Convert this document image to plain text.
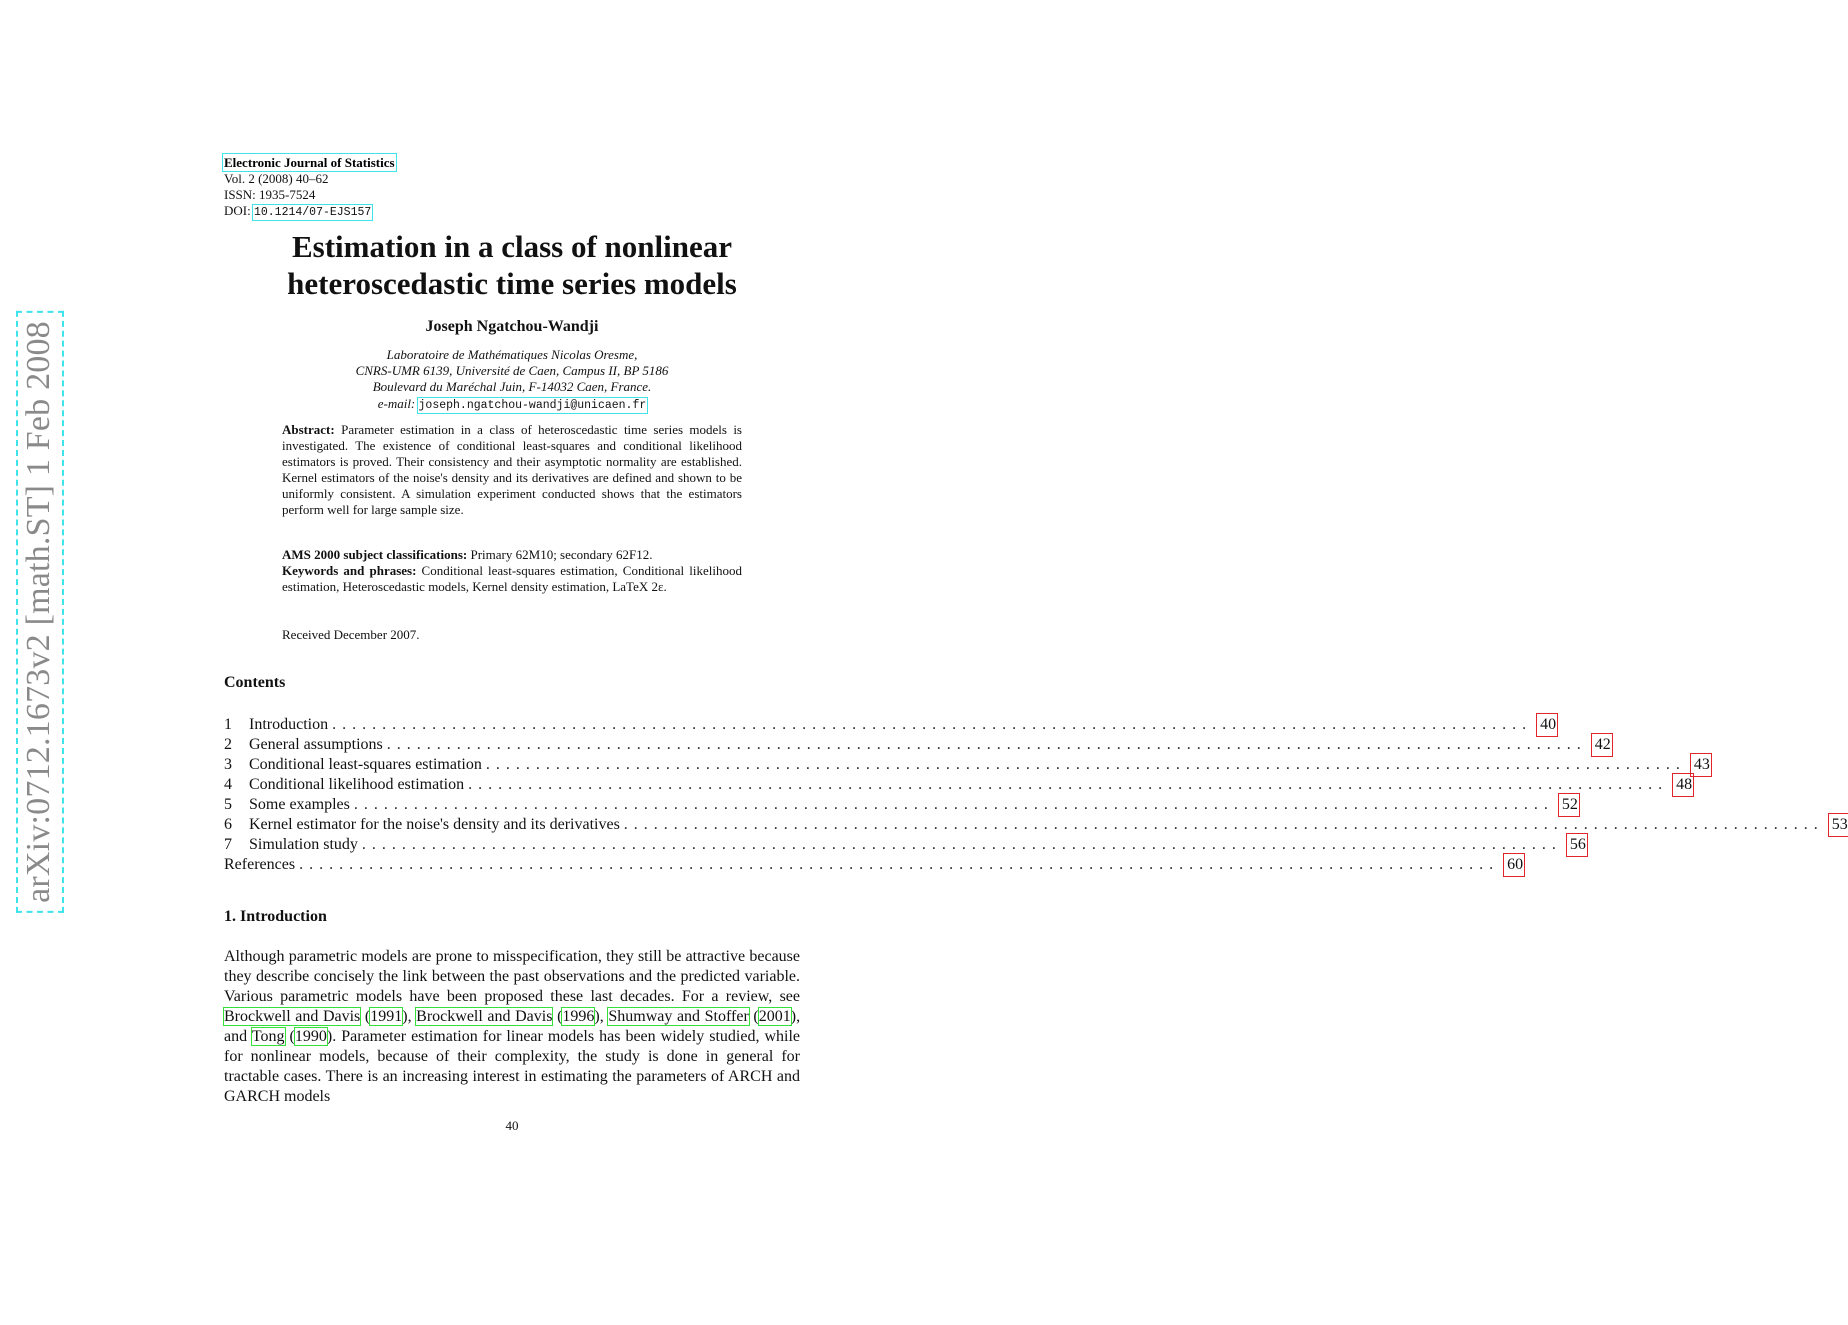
arXiv:0712.1673v2 [math.ST] 1 Feb 2008
Electronic Journal of Statistics
Vol. 2 (2008) 40–62
ISSN: 1935-7524
DOI: 10.1214/07-EJS157
Estimation in a class of nonlinear
heteroscedastic time series models
Joseph Ngatchou-Wandji
Laboratoire de Mathématiques Nicolas Oresme,
CNRS-UMR 6139, Université de Caen, Campus II, BP 5186
Boulevard du Maréchal Juin, F-14032 Caen, France.
e-mail: joseph.ngatchou-wandji@unicaen.fr
Abstract: Parameter estimation in a class of heteroscedastic time series models is investigated. The existence of conditional least-squares and conditional likelihood estimators is proved. Their consistency and their asymptotic normality are established. Kernel estimators of the noise's density and its derivatives are defined and shown to be uniformly consistent. A simulation experiment conducted shows that the estimators perform well for large sample size.
AMS 2000 subject classifications: Primary 62M10; secondary 62F12.
Keywords and phrases: Conditional least-squares estimation, Conditional likelihood estimation, Heteroscedastic models, Kernel density estimation, LaTeX 2ε.
Received December 2007.
Contents
1	Introduction ........................................................................................................................ 40
2	General assumptions ........................................................................................................................ 42
3	Conditional least-squares estimation ........................................................................................................................ 43
4	Conditional likelihood estimation ........................................................................................................................ 48
5	Some examples ........................................................................................................................ 52
6	Kernel estimator for the noise's density and its derivatives ........................................................................................................................ 53
7	Simulation study ........................................................................................................................ 56
References ........................................................................................................................ 60
1. Introduction
Although parametric models are prone to misspecification, they still be attractive because they describe concisely the link between the past observations and the predicted variable. Various parametric models have been proposed these last decades. For a review, see Brockwell and Davis (1991), Brockwell and Davis (1996), Shumway and Stoffer (2001), and Tong (1990). Parameter estimation for linear models has been widely studied, while for nonlinear models, because of their complexity, the study is done in general for tractable cases. There is an increasing interest in estimating the parameters of ARCH and GARCH models
40
